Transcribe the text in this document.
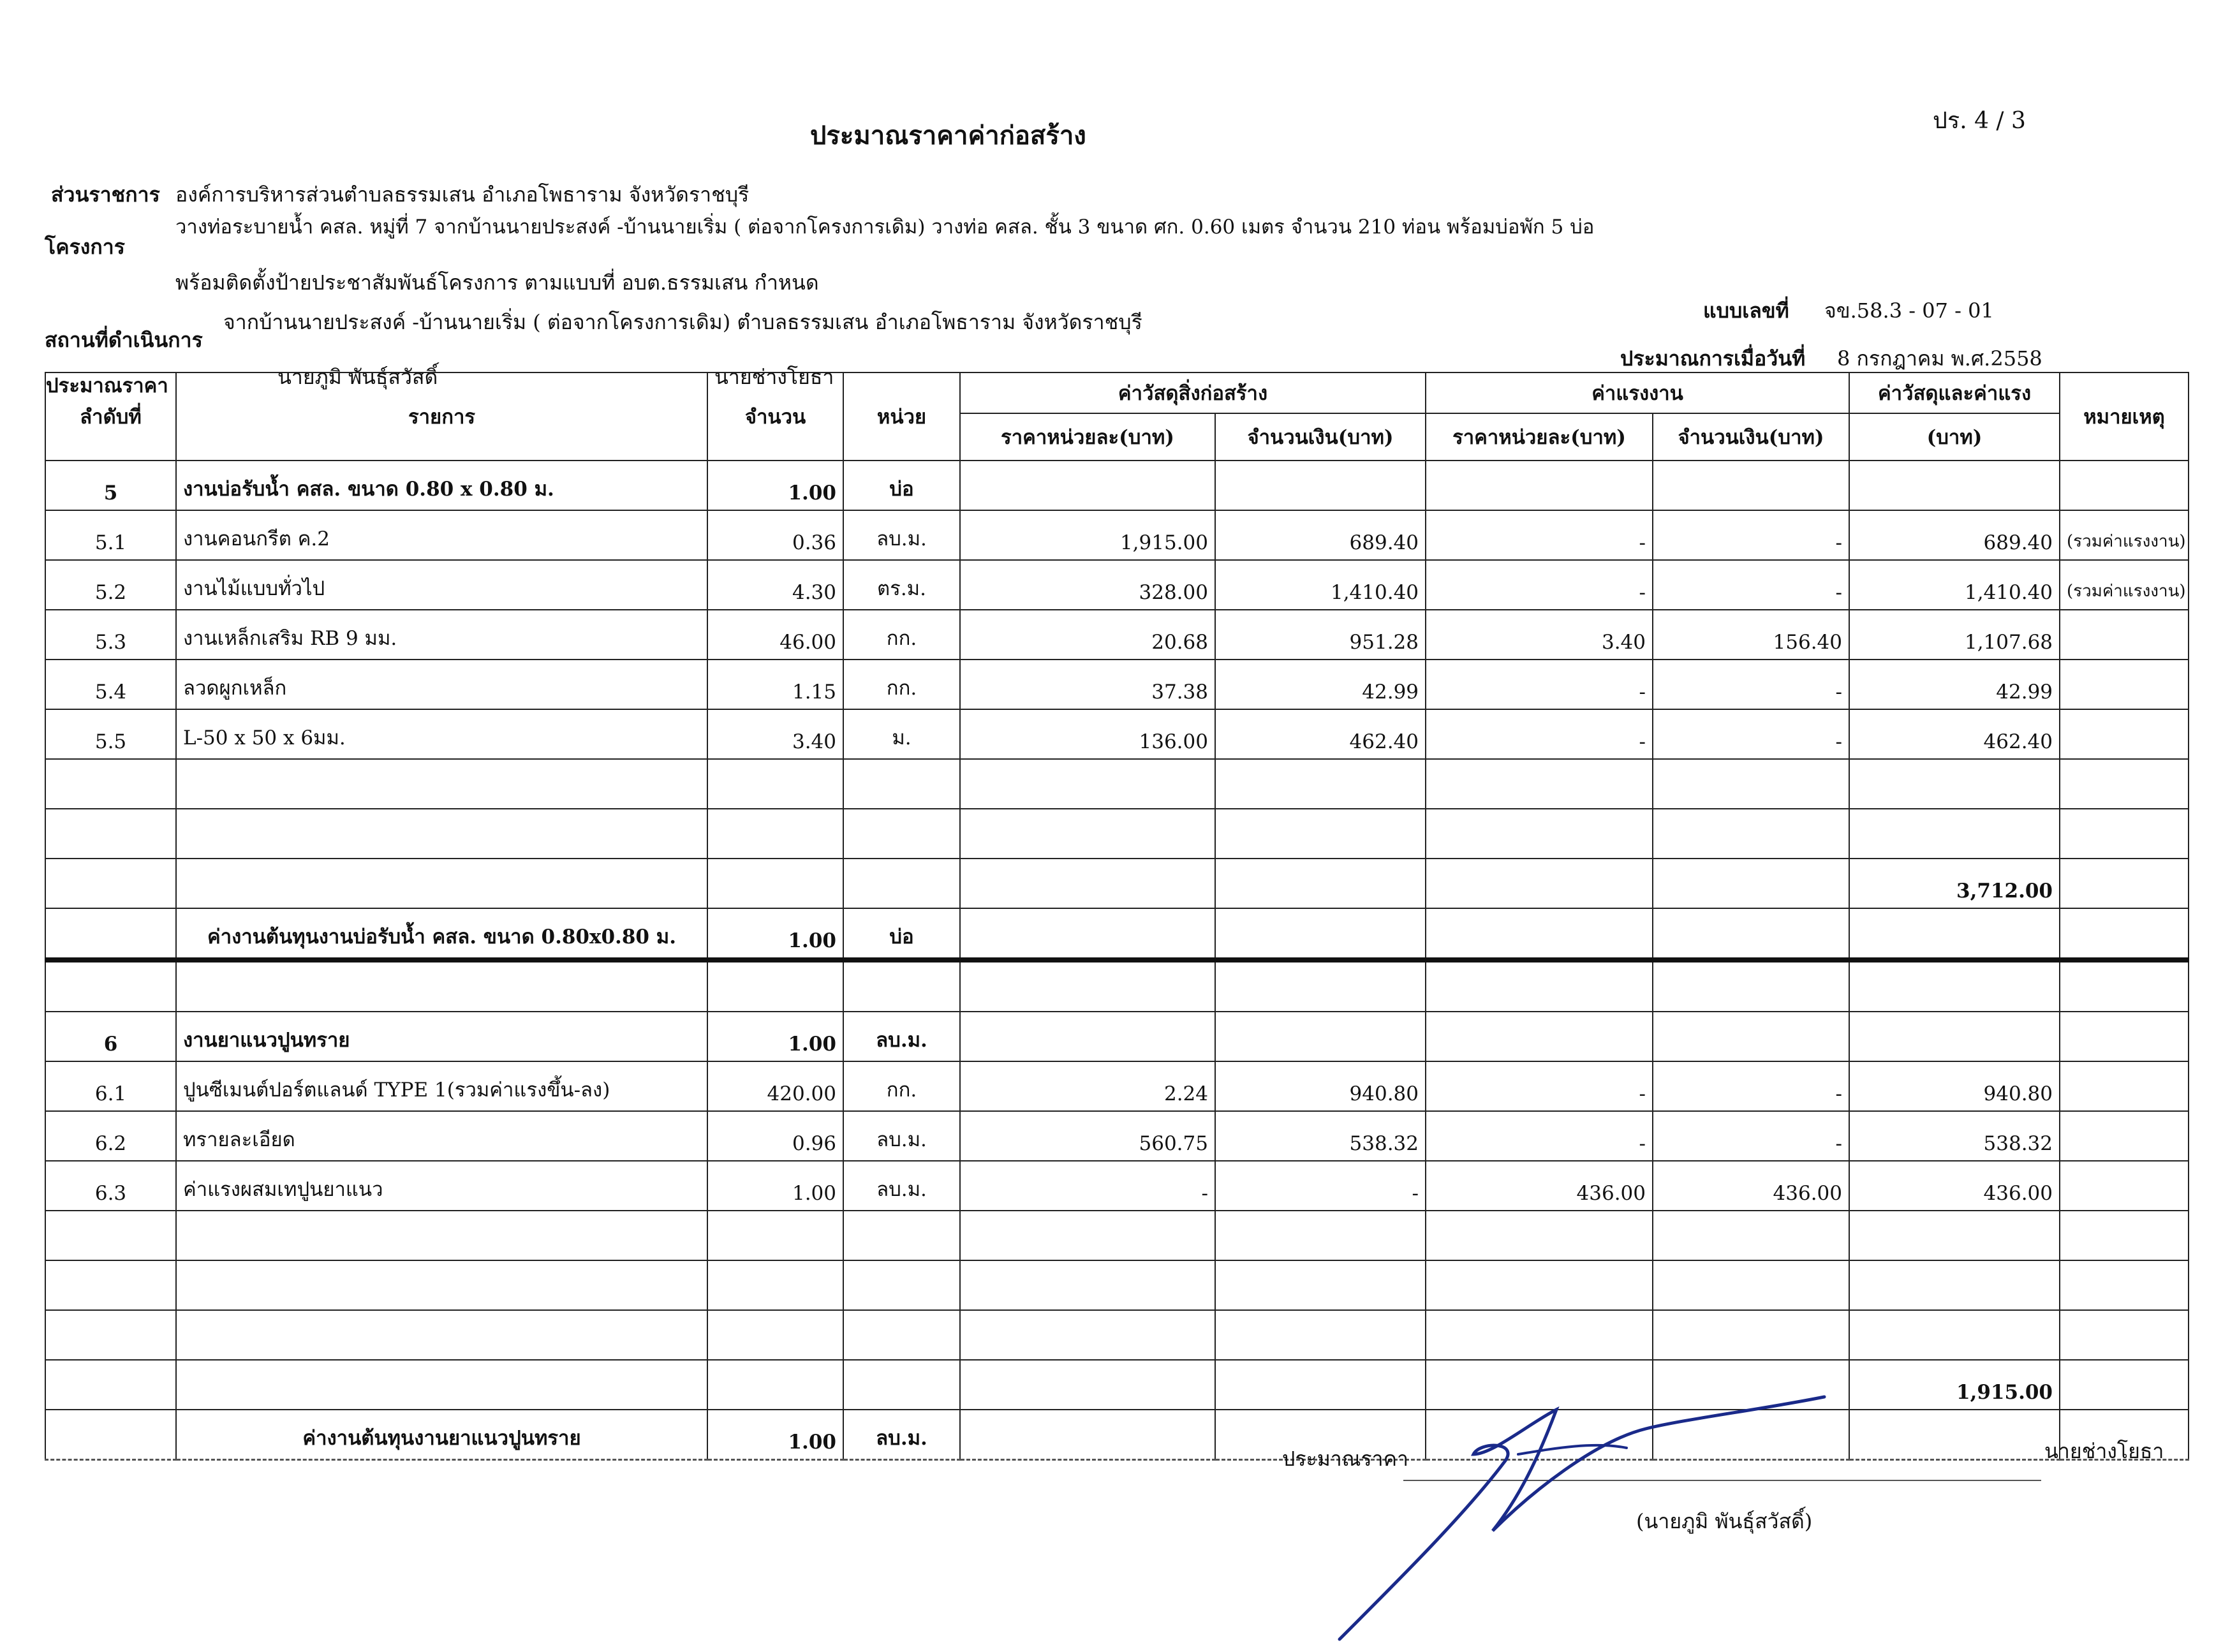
ประมาณราคาค่าก่อสร้าง	ปร. 4 / 3
ส่วนราชการ องค์การบริหารส่วนตำบลธรรมเสน อำเภอโพธาราม จังหวัดราชบุรี
โครงการ
วางท่อระบายน้ำ คสล. หมู่ที่ 7 จากบ้านนายประสงค์ -บ้านนายเริ่ม ( ต่อจากโครงการเดิม) วางท่อ คสล. ชั้น 3 ขนาด ศก. 0.60 เมตร จำนวน 210 ท่อน พร้อมบ่อพัก 5 บ่อ
พร้อมติดตั้งป้ายประชาสัมพันธ์โครงการ ตามแบบที่ อบต.ธรรมเสน กำหนด
แบบเลขที่ จข.58.3 - 07 - 01
สถานที่ดำเนินการ
จากบ้านนายประสงค์ -บ้านนายเริ่ม ( ต่อจากโครงการเดิม) ตำบลธรรมเสน อำเภอโพธาราม จังหวัดราชบุรี
ประมาณการเมื่อวันที่ 8 กรกฎาคม พ.ศ.2558
ประมาณราคา	นายภูมิ พันธุ์สวัสดิ์	นายช่างโยธา
ลำดับที่	รายการ	จำนวน	หน่วย	ค่าวัสดุสิ่งก่อสร้าง		ค่าแรงงาน		ค่าวัสดุและค่าแรง	หมายเหตุ
				ราคาหน่วยละ(บาท)	จำนวนเงิน(บาท)	ราคาหน่วยละ(บาท)	จำนวนเงิน(บาท)	(บาท)	
5	งานบ่อรับน้ำ คสล. ขนาด 0.80 x 0.80 ม.	1.00	บ่อ						
5.1	งานคอนกรีต ค.2	0.36	ลบ.ม.	1,915.00	689.40	-	-	689.40	(รวมค่าแรงงาน)
5.2	งานไม้แบบทั่วไป	4.30	ตร.ม.	328.00	1,410.40	-	-	1,410.40	(รวมค่าแรงงาน)
5.3	งานเหล็กเสริม RB 9 มม.	46.00	กก.	20.68	951.28	3.40	156.40	1,107.68	
5.4	ลวดผูกเหล็ก	1.15	กก.	37.38	42.99	-	-	42.99	
5.5	L-50 x 50 x 6มม.	3.40	ม.	136.00	462.40	-	-	462.40	

								3,712.00	
	ค่างานต้นทุนงานบ่อรับน้ำ คสล. ขนาด 0.80x0.80 ม.	1.00	บ่อ						

6	งานยาแนวปูนทราย	1.00	ลบ.ม.						
6.1	ปูนซีเมนต์ปอร์ตแลนด์ TYPE 1(รวมค่าแรงขึ้น-ลง)	420.00	กก.	2.24	940.80	-	-	940.80	
6.2	ทรายละเอียด	0.96	ลบ.ม.	560.75	538.32	-	-	538.32	
6.3	ค่าแรงผสมเทปูนยาแนว	1.00	ลบ.ม.	-	-	436.00	436.00	436.00	

								1,915.00	
	ค่างานต้นทุนงานยาแนวปูนทราย	1.00	ลบ.ม.						
ประมาณราคา	นายช่างโยธา
(นายภูมิ พันธุ์สวัสดิ์)
